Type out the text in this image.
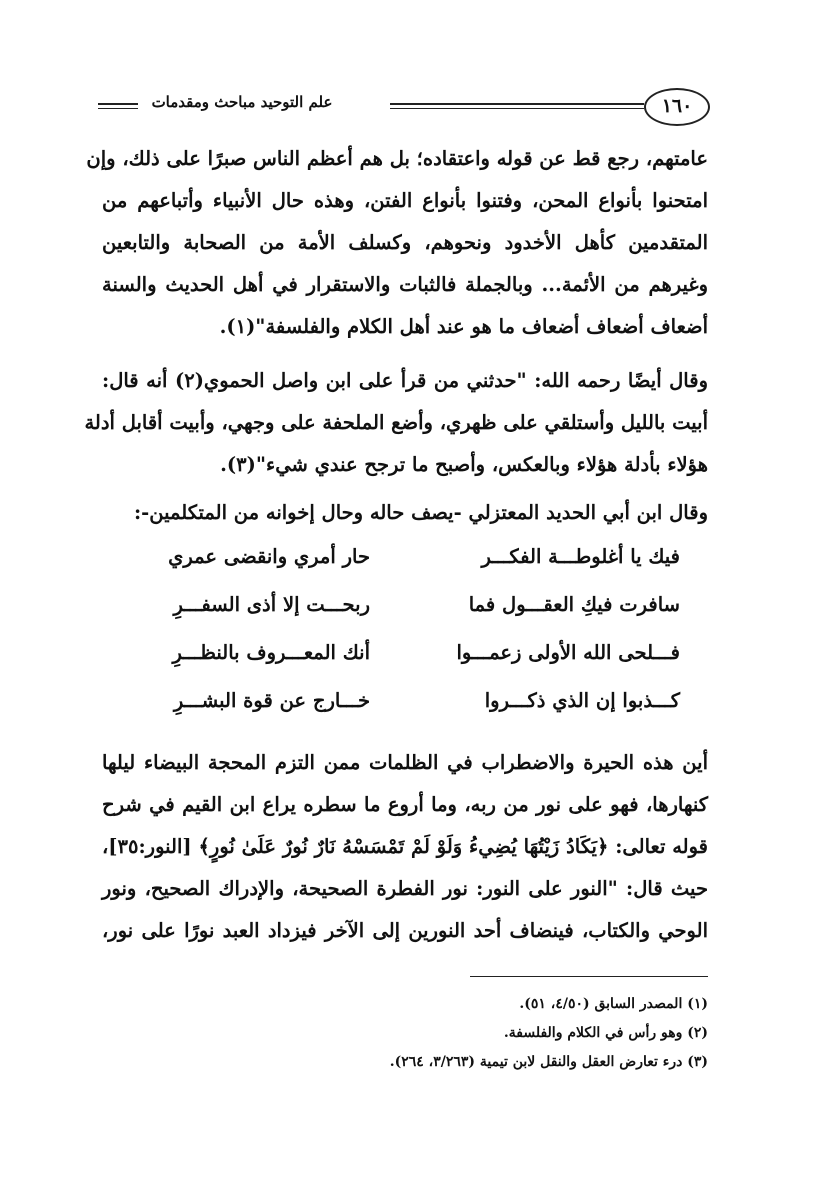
١٦٠
علم التوحيد مباحث ومقدمات
عامتهم، رجع قط عن قوله واعتقاده؛ بل هم أعظم الناس صبرًا على ذلك، وإن
امتحنوا بأنواع المحن، وفتنوا بأنواع الفتن، وهذه حال الأنبياء وأتباعهم من
المتقدمين كأهل الأخدود ونحوهم، وكسلف الأمة من الصحابة والتابعين
وغيرهم من الأئمة... وبالجملة فالثبات والاستقرار في أهل الحديث والسنة
أضعاف أضعاف أضعاف ما هو عند أهل الكلام والفلسفة"(١).
وقال أيضًا رحمه الله: "حدثني من قرأ على ابن واصل الحموي(٢) أنه قال:
أبيت بالليل وأستلقي على ظهري، وأضع الملحفة على وجهي، وأبيت أقابل أدلة
هؤلاء بأدلة هؤلاء وبالعكس، وأصبح ما ترجح عندي شيء"(٣).
وقال ابن أبي الحديد المعتزلي -يصف حاله وحال إخوانه من المتكلمين-:
فيك يا أغلوطـــة الفكـــر
حار أمري وانقضى عمري
سافرت فيكِ العقـــول فما
ربحـــت إلا أذى السفـــرِ
فـــلحى الله الأولى زعمـــوا
أنك المعـــروف بالنظـــرِ
كـــذبوا إن الذي ذكـــروا
خـــارج عن قوة البشـــرِ
أين هذه الحيرة والاضطراب في الظلمات ممن التزم المحجة البيضاء ليلها
كنهارها، فهو على نور من ربه، وما أروع ما سطره يراع ابن القيم في شرح
قوله تعالى: ﴿يَكَادُ زَيْتُهَا يُضِيءُ وَلَوْ لَمْ تَمْسَسْهُ نَارٌ نُورٌ عَلَىٰ نُورٍ﴾ [النور:٣٥]،
حيث قال: "النور على النور: نور الفطرة الصحيحة، والإدراك الصحيح، ونور
الوحي والكتاب، فينضاف أحد النورين إلى الآخر فيزداد العبد نورًا على نور،
(١) المصدر السابق (٤/٥٠، ٥١).
(٢) وهو رأس في الكلام والفلسفة.
(٣) درء تعارض العقل والنقل لابن تيمية (٣/٢٦٣، ٢٦٤).
